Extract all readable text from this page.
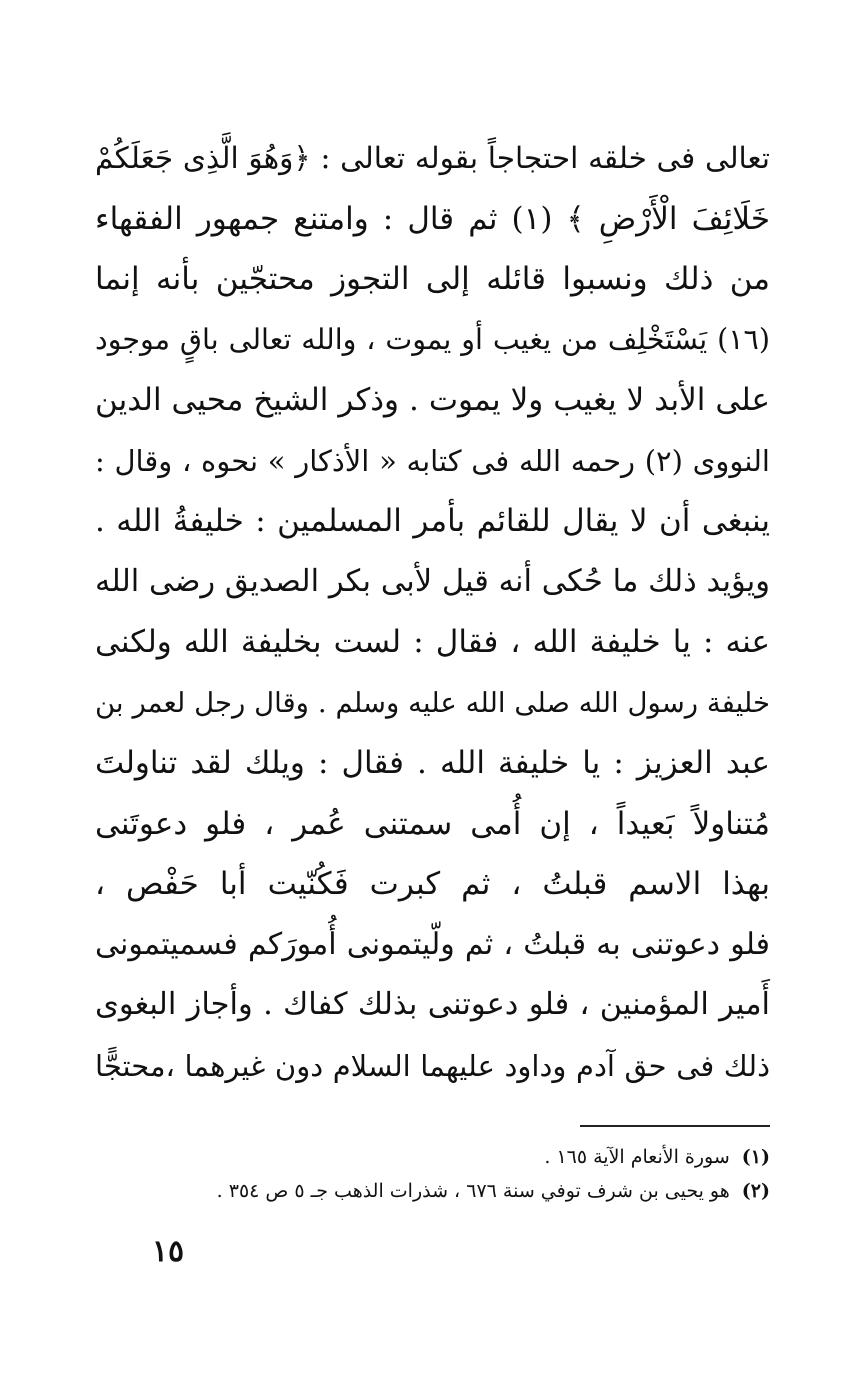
تعالى فى خلقه احتجاجاً بقوله تعالى : ﴿وَهُوَ الَّذِى جَعَلَكُمْ
خَلَائِفَ الْأَرْضِ ﴾ (١) ثم قال : وامتنع جمهور الفقهاء
من ذلك ونسبوا قائله إلى التجوز محتجّين بأنه إنما
(١٦) يَسْتَخْلِف من يغيب أو يموت ، والله تعالى باقٍ موجود
على الأبد لا يغيب ولا يموت . وذكر الشيخ محيى الدين
النووى (٢) رحمه الله فى كتابه « الأذكار » نحوه ، وقال :
ينبغى أن لا يقال للقائم بأمر المسلمين : خليفةُ الله .
ويؤيد ذلك ما حُكى أنه قيل لأبى بكر الصديق رضى الله
عنه : يا خليفة الله ، فقال : لست بخليفة الله ولكنى
خليفة رسول الله صلى الله عليه وسلم . وقال رجل لعمر بن
عبد العزيز : يا خليفة الله . فقال : ويلك لقد تناولتَ
مُتناولاً بَعيداً ، إن أُمى سمتنى عُمر ، فلو دعوتَنى
بهذا الاسم قبلتُ ، ثم كبرت فَكُنّيت أبا حَفْص ،
فلو دعوتنى به قبلتُ ، ثم ولّيتمونى أُمورَكم فسميتمونى
أَمير المؤمنين ، فلو دعوتنى بذلك كفاك . وأجاز البغوى
ذلك فى حق آدم وداود عليهما السلام دون غيرهما ،محتجًّا
(١)سورة الأنعام الآية ١٦٥ .
(٢)هو يحيى بن شرف توفي سنة ٦٧٦ ، شذرات الذهب جـ ٥ ص ٣٥٤ .
١٥
